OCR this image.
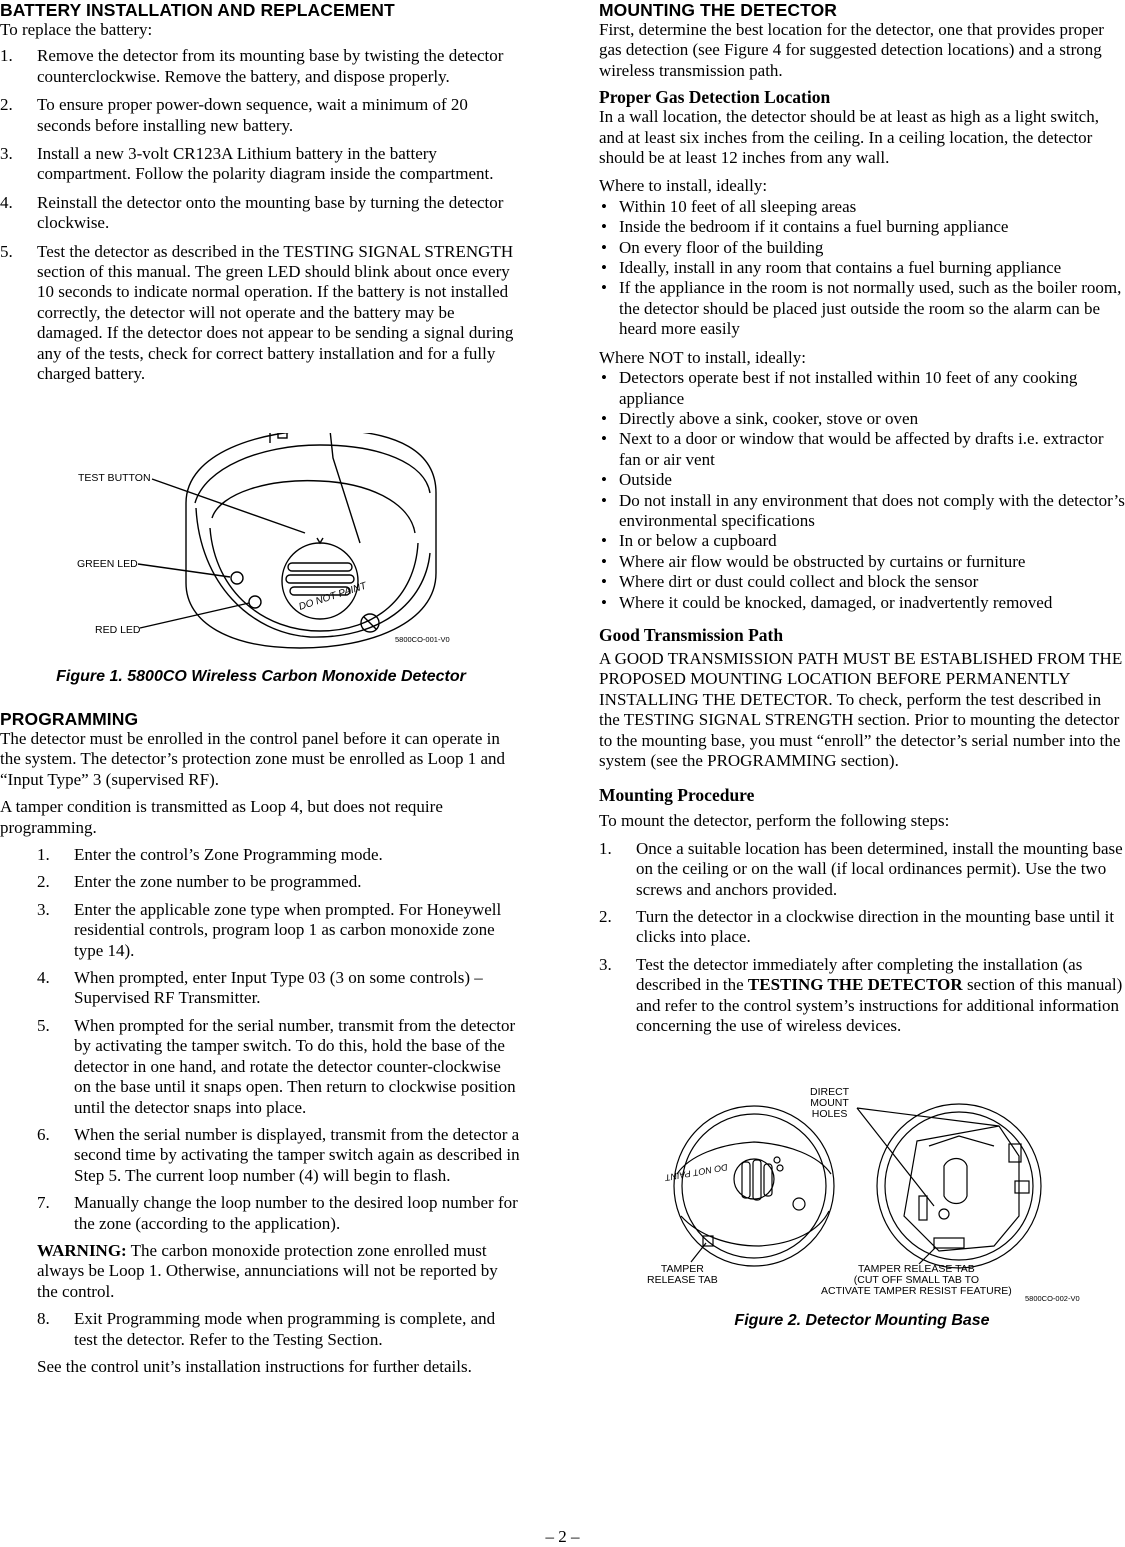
BATTERY INSTALLATION AND REPLACEMENT

To replace the battery:

1. Remove the detector from its mounting base by twisting the detector counterclockwise. Remove the battery, and dispose properly.
2. To ensure proper power-down sequence, wait a minimum of 20 seconds before installing new battery.
3. Install a new 3-volt CR123A Lithium battery in the battery compartment. Follow the polarity diagram inside the compartment.
4. Reinstall the detector onto the mounting base by turning the detector clockwise.
5. Test the detector as described in the TESTING SIGNAL STRENGTH section of this manual. The green LED should blink about once every 10 seconds to indicate normal operation. If the battery is not installed correctly, the detector will not operate and the battery may be damaged. If the detector does not appear to be sending a signal during any of the tests, check for correct battery installation and for a fully charged battery.
DO NOT PAINT
TEST BUTTON
GREEN LED
RED LED
5800CO-001-V0

Figure 1. 5800CO Wireless Carbon Monoxide Detector

PROGRAMMING

The detector must be enrolled in the control panel before it can operate in the system. The detector’s protection zone must be enrolled as Loop 1 and “Input Type” 3 (supervised RF).

A tamper condition is transmitted as Loop 4, but does not require programming.

1. Enter the control’s Zone Programming mode.
2. Enter the zone number to be programmed.
3. Enter the applicable zone type when prompted. For Honeywell residential controls, program loop 1 as carbon monoxide zone type 14).
4. When prompted, enter Input Type 03 (3 on some controls) – Supervised RF Transmitter.
5. When prompted for the serial number, transmit from the detector by activating the tamper switch. To do this, hold the base of the detector in one hand, and rotate the detector counter-clockwise on the base until it snaps open. Then return to clockwise position until the detector snaps into place.
6. When the serial number is displayed, transmit from the detector a second time by activating the tamper switch again as described in Step 5. The current loop number (4) will begin to flash.
7. Manually change the loop number to the desired loop number for the zone (according to the application).

WARNING: The carbon monoxide protection zone enrolled must always be Loop 1. Otherwise, annunciations will not be reported by the control.

8. Exit Programming mode when programming is complete, and test the detector. Refer to the Testing Section.

See the control unit’s installation instructions for further details.

MOUNTING THE DETECTOR

First, determine the best location for the detector, one that provides proper gas detection (see Figure 4 for suggested detection locations) and a strong wireless transmission path.

Proper Gas Detection Location

In a wall location, the detector should be at least as high as a light switch, and at least six inches from the ceiling. In a ceiling location, the detector should be at least 12 inches from any wall.

Where to install, ideally:

• Within 10 feet of all sleeping areas
• Inside the bedroom if it contains a fuel burning appliance
• On every floor of the building
• Ideally, install in any room that contains a fuel burning appliance
• If the appliance in the room is not normally used, such as the boiler room, the detector should be placed just outside the room so the alarm can be heard more easily

Where NOT to install, ideally:

• Detectors operate best if not installed within 10 feet of any cooking appliance
• Directly above a sink, cooker, stove or oven
• Next to a door or window that would be affected by drafts i.e. extractor fan or air vent
• Outside
• Do not install in any environment that does not comply with the detector’s environmental specifications
• In or below a cupboard
• Where air flow would be obstructed by curtains or furniture
• Where dirt or dust could collect and block the sensor
• Where it could be knocked, damaged, or inadvertently removed
Good Transmission Path

A GOOD TRANSMISSION PATH MUST BE ESTABLISHED FROM THE PROPOSED MOUNTING LOCATION BEFORE PERMANENTLY INSTALLING THE DETECTOR. To check, perform the test described in the TESTING SIGNAL STRENGTH section. Prior to mounting the detector to the mounting base, you must “enroll” the detector’s serial number into the system (see the PROGRAMMING section).

Mounting Procedure

To mount the detector, perform the following steps:

1. Once a suitable location has been determined, install the mounting base on the ceiling or on the wall (if local ordinances permit). Use the two screws and anchors provided.
2. Turn the detector in a clockwise direction in the mounting base until it clicks into place.
3. Test the detector immediately after completing the installation (as described in the TESTING THE DETECTOR section of this manual) and refer to the control system’s instructions for additional information concerning the use of wireless devices.
DO NOT PAINT
DIRECT
MOUNT
HOLES
TAMPER
RELEASE TAB
TAMPER RELEASE TAB
(CUT OFF SMALL TAB TO
ACTIVATE TAMPER RESIST FEATURE)
5800CO-002-V0

Figure 2. Detector Mounting Base

– 2 –
